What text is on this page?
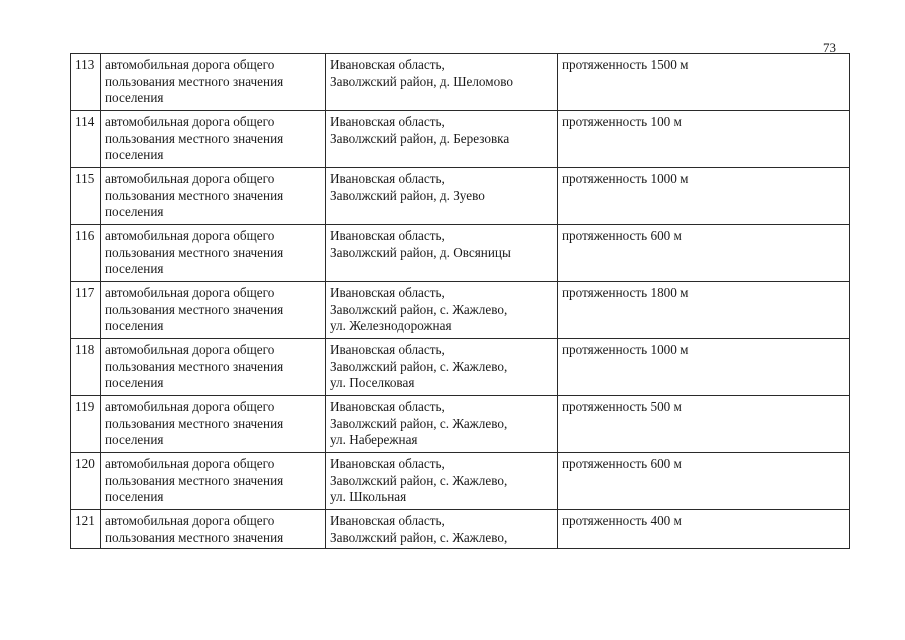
73
113	автомобильная дорога общего
пользования местного значения
поселения	Ивановская область,
Заволжский район, д. Шеломово	протяженность 1500 м
114	автомобильная дорога общего
пользования местного значения
поселения	Ивановская область,
Заволжский район, д. Березовка	протяженность 100 м
115	автомобильная дорога общего
пользования местного значения
поселения	Ивановская область,
Заволжский район, д. Зуево	протяженность 1000 м
116	автомобильная дорога общего
пользования местного значения
поселения	Ивановская область,
Заволжский район, д. Овсяницы	протяженность 600 м
117	автомобильная дорога общего
пользования местного значения
поселения	Ивановская область,
Заволжский район, с. Жажлево,
ул. Железнодорожная	протяженность 1800 м
118	автомобильная дорога общего
пользования местного значения
поселения	Ивановская область,
Заволжский район, с. Жажлево,
ул. Поселковая	протяженность 1000 м
119	автомобильная дорога общего
пользования местного значения
поселения	Ивановская область,
Заволжский район, с. Жажлево,
ул. Набережная	протяженность 500 м
120	автомобильная дорога общего
пользования местного значения
поселения	Ивановская область,
Заволжский район, с. Жажлево,
ул. Школьная	протяженность 600 м
121	автомобильная дорога общего
пользования местного значения	Ивановская область,
Заволжский район, с. Жажлево,	протяженность 400 м
